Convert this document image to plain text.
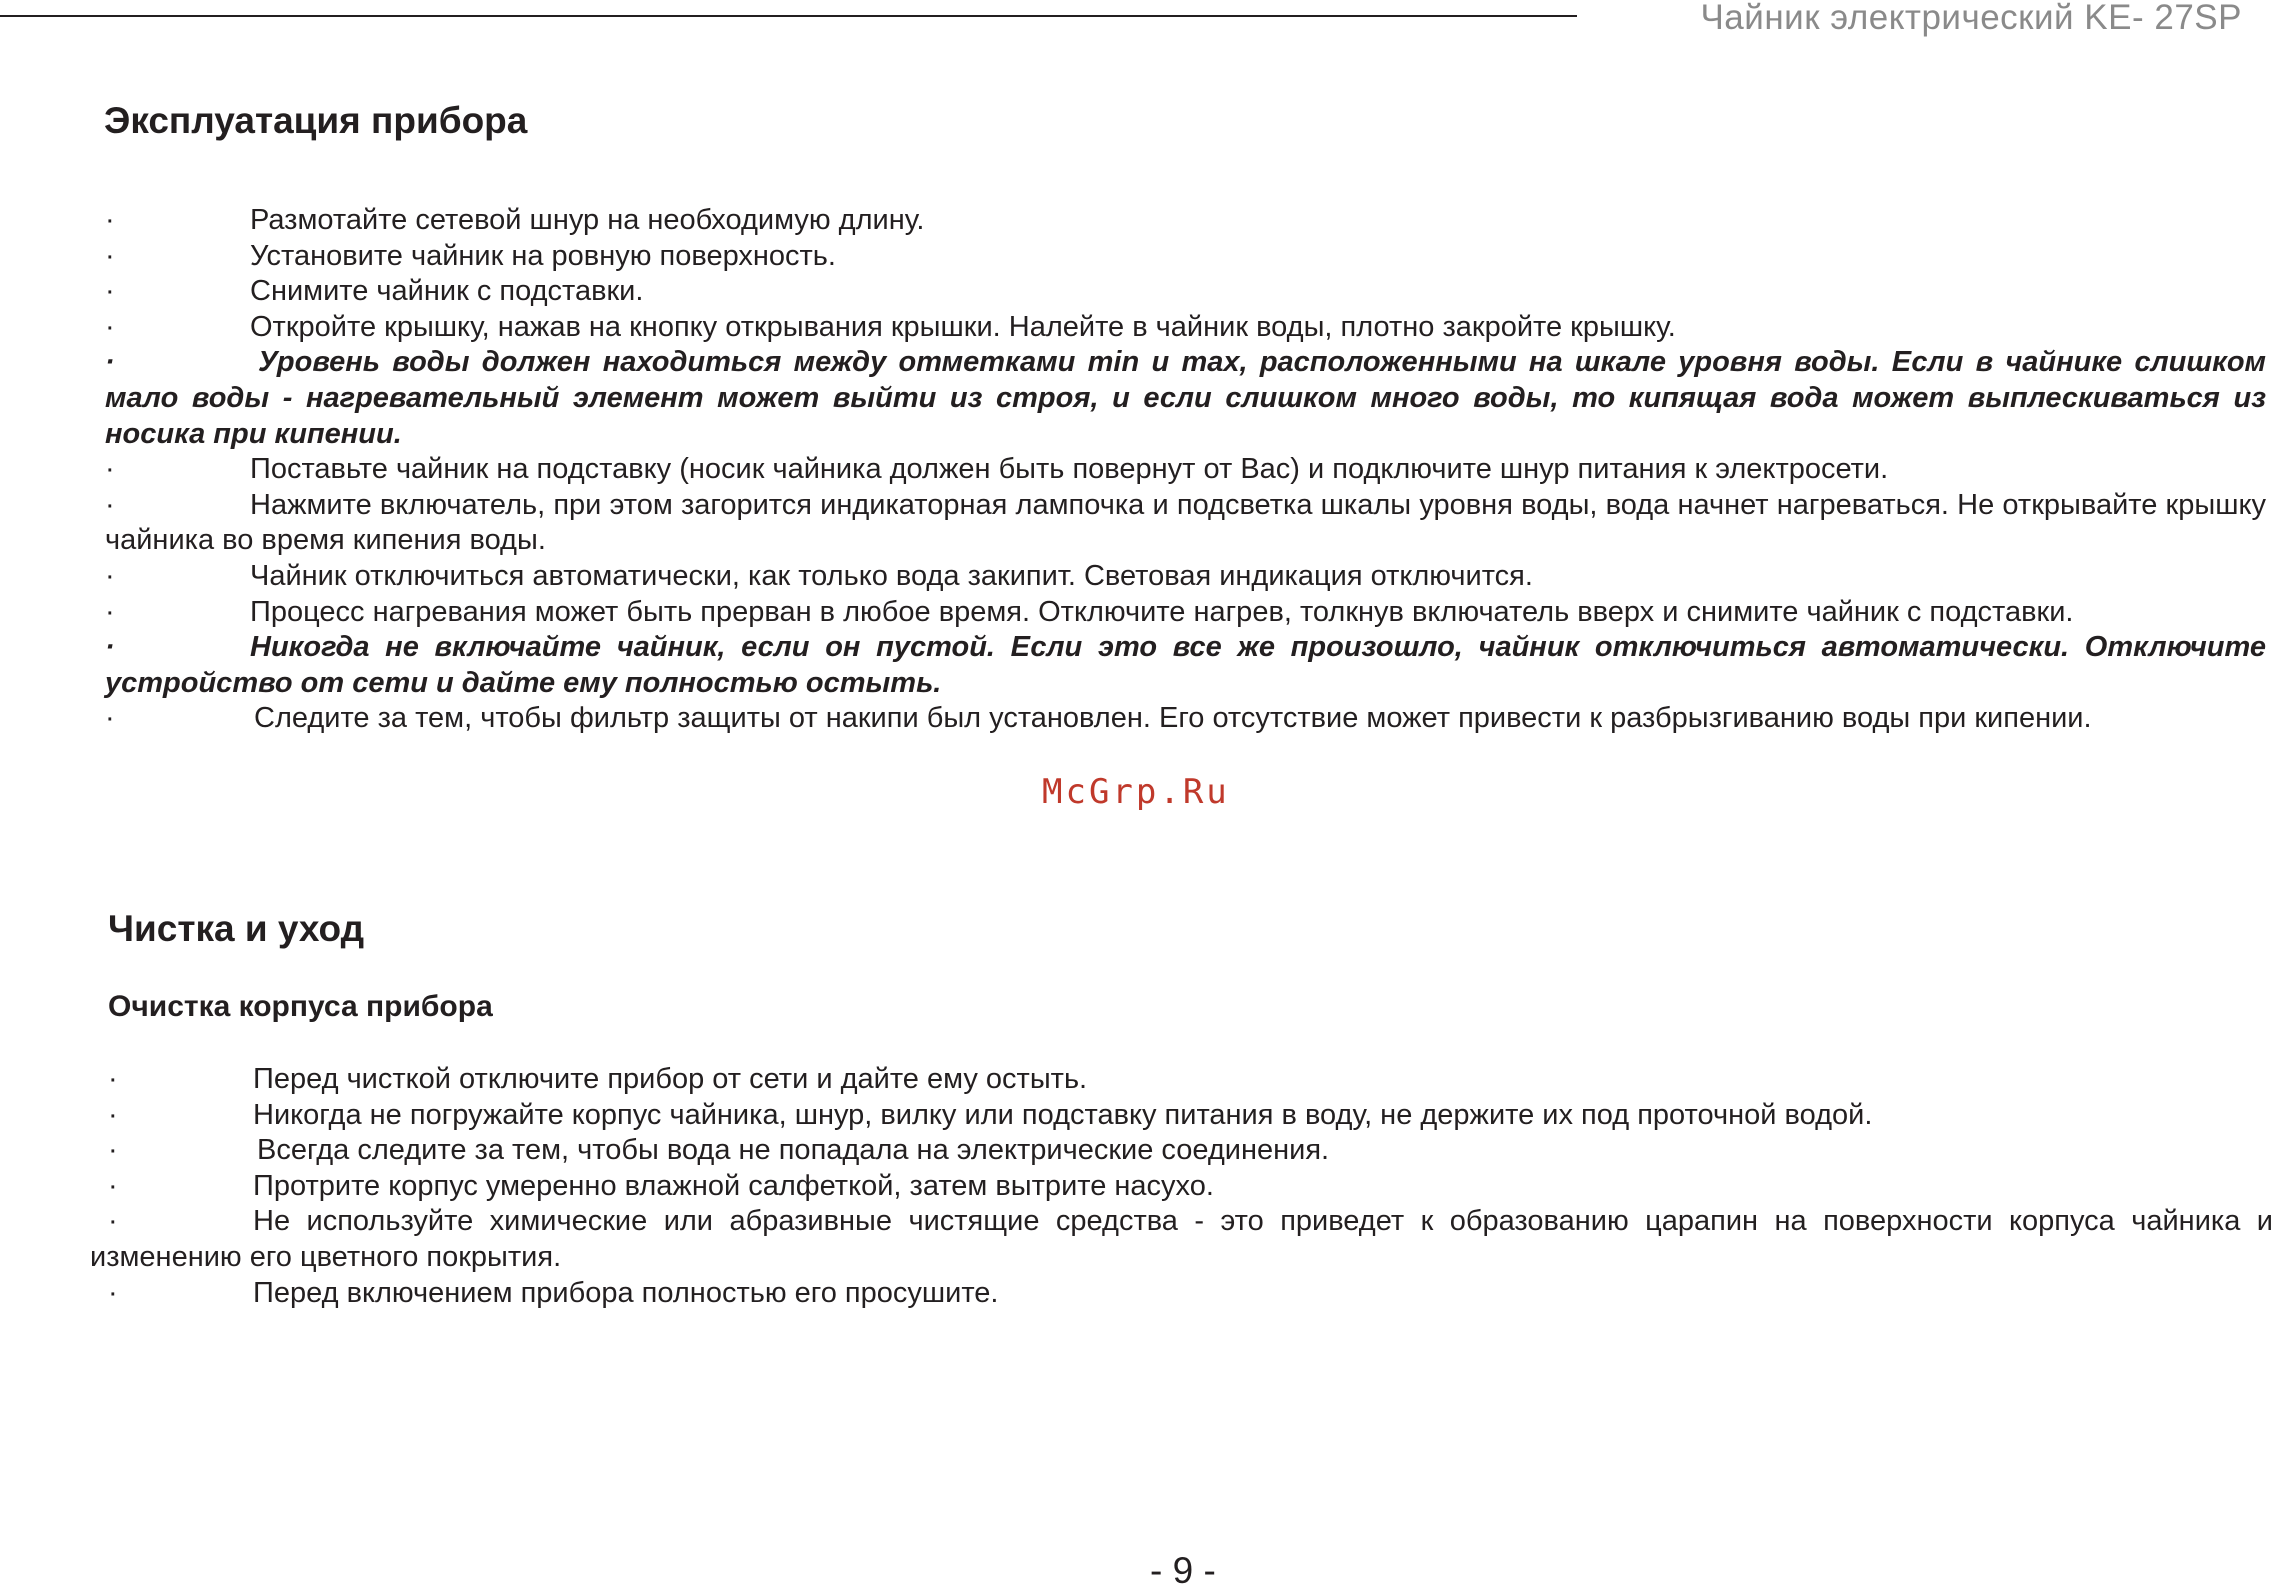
Чайник электрический KE- 27SP
Эксплуатация прибора
·	Размотайте сетевой шнур на необходимую длину.
·	Установите чайник на ровную поверхность.
·	Снимите чайник с подставки.
·	Откройте крышку, нажав на кнопку открывания крышки. Налейте в чайник воды, плотно закройте крышку.
·	Уровень воды должен находиться между отметками min и max, расположенными на шкале уровня воды. Если в чайнике слишком мало воды - нагревательный элемент может выйти из строя, и если слишком много воды, то кипящая вода может выплескиваться из носика при кипении.
·	Поставьте чайник на подставку (носик чайника должен быть повернут от Вас) и подключите шнур питания к электросети.
·	Нажмите включатель, при этом загорится индикаторная лампочка и подсветка шкалы уровня воды, вода начнет нагреваться. Не открывайте крышку чайника во время кипения воды.
·	Чайник отключиться автоматически, как только вода закипит. Световая индикация отключится.
·	Процесс нагревания может быть прерван в любое время. Отключите нагрев, толкнув включатель вверх и снимите чайник с подставки.
·	Никогда не включайте чайник, если он пустой. Если это все же произошло, чайник отключиться автоматически. Отключите устройство от сети и дайте ему полностью остыть.
·	Следите за тем, чтобы фильтр защиты от накипи был установлен. Его отсутствие может привести к разбрызгиванию воды при кипении.
McGrp.Ru
Чистка и уход
Очистка корпуса прибора
·	Перед чисткой отключите прибор от сети и дайте ему остыть.
·	Никогда не погружайте корпус чайника, шнур, вилку или подставку питания в воду, не держите их под проточной водой.
·	Всегда следите за тем, чтобы вода не попадала на электрические соединения.
·	Протрите корпус умеренно влажной салфеткой, затем вытрите насухо.
·	Не используйте химические или абразивные чистящие средства - это приведет к образованию царапин на поверхности корпуса чайника и изменению его цветного покрытия.
·	Перед включением прибора полностью его просушите.
- 9 -
